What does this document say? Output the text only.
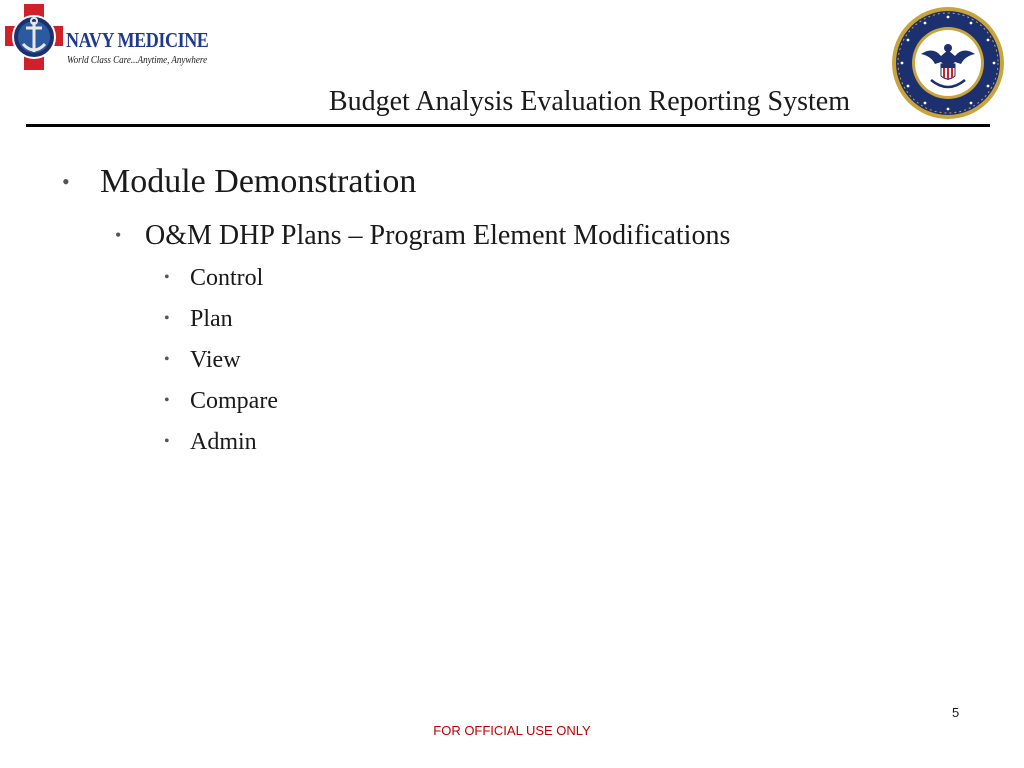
NAVY MEDICINE
World Class Care...Anytime, Anywhere
Budget Analysis Evaluation Reporting System
• Module Demonstration
• O&M DHP Plans – Program Element Modifications
• Control
• Plan
• View
• Compare
• Admin
5
FOR OFFICIAL USE ONLY
